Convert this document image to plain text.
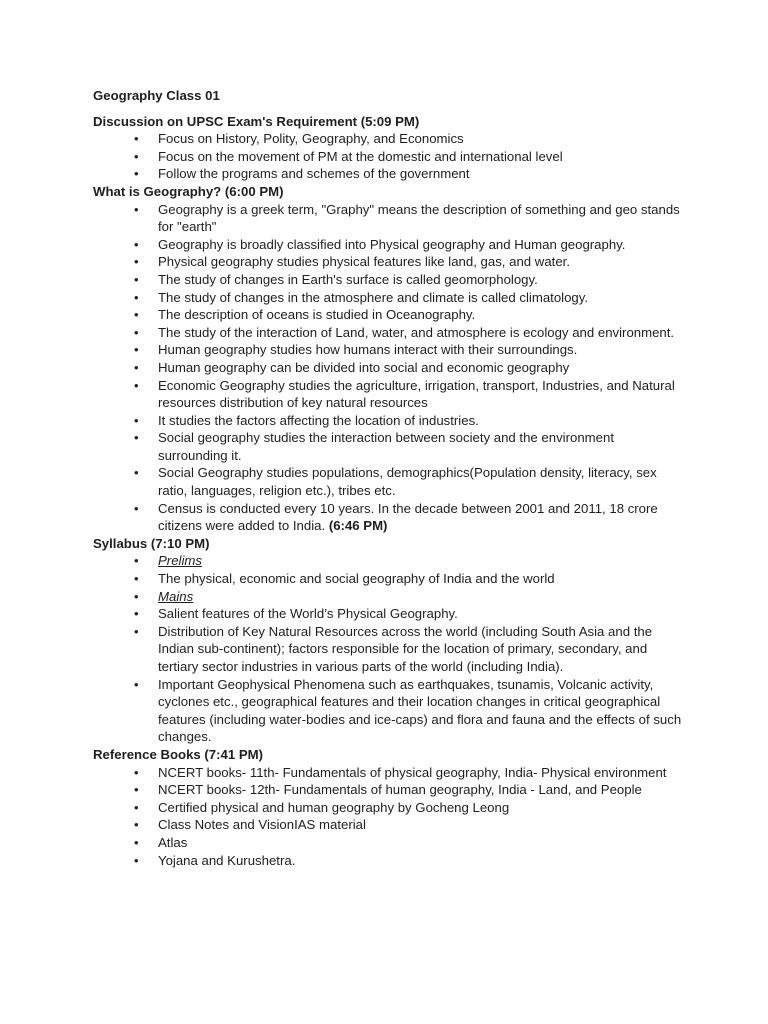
Geography Class 01
Discussion on UPSC Exam's Requirement (5:09 PM)
• Focus on History, Polity, Geography, and Economics
• Focus on the movement of PM at the domestic and international level
• Follow the programs and schemes of the government
What is Geography? (6:00 PM)
• Geography is a greek term, "Graphy" means the description of something and geo stands for "earth"
• Geography is broadly classified into Physical geography and Human geography.
• Physical geography studies physical features like land, gas, and water.
• The study of changes in Earth's surface is called geomorphology.
• The study of changes in the atmosphere and climate is called climatology.
• The description of oceans is studied in Oceanography.
• The study of the interaction of Land, water, and atmosphere is ecology and environment.
• Human geography studies how humans interact with their surroundings.
• Human geography can be divided into social and economic geography
• Economic Geography studies the agriculture, irrigation, transport, Industries, and Natural resources distribution of key natural resources
• It studies the factors affecting the location of industries.
• Social geography studies the interaction between society and the environment surrounding it.
• Social Geography studies populations, demographics(Population density, literacy, sex ratio, languages, religion etc.), tribes etc.
• Census is conducted every 10 years. In the decade between 2001 and 2011, 18 crore citizens were added to India. (6:46 PM)
Syllabus (7:10 PM)
• Prelims
• The physical, economic and social geography of India and the world
• Mains
• Salient features of the World’s Physical Geography.
• Distribution of Key Natural Resources across the world (including South Asia and the Indian sub-continent); factors responsible for the location of primary, secondary, and tertiary sector industries in various parts of the world (including India).
• Important Geophysical Phenomena such as earthquakes, tsunamis, Volcanic activity, cyclones etc., geographical features and their location changes in critical geographical features (including water-bodies and ice-caps) and flora and fauna and the effects of such changes.
Reference Books (7:41 PM)
• NCERT books- 11th- Fundamentals of physical geography, India- Physical environment
• NCERT books- 12th- Fundamentals of human geography, India - Land, and People
• Certified physical and human geography by Gocheng Leong
• Class Notes and VisionIAS material
• Atlas
• Yojana and Kurushetra.
